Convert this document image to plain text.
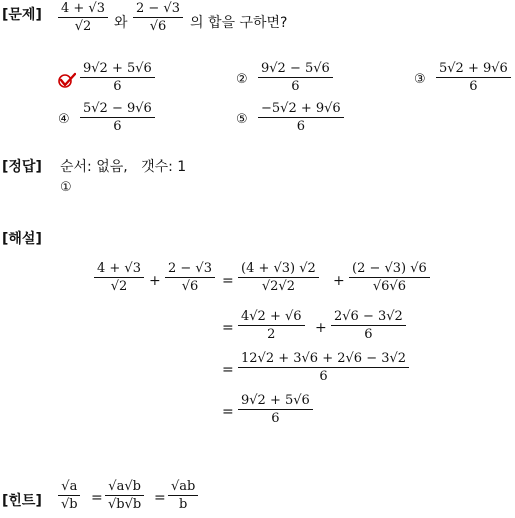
[문제] $\frac{4 + √3}{√2}$ 와 $\frac{2 - √3}{√6}$ 의 합을 구하면?
$\frac{9√2 + 5√6}{6}$	② $\frac{9√2 - 5√6}{6}$	③ $\frac{5√2 + 9√6}{6}$
④ $\frac{5√2 - 9√6}{6}$	⑤ $\frac{-5√2 + 9√6}{6}$
[정답] 순서: 없음,   갯수: 1
①
[해설]
$\frac{4 + √3}{√2} + \frac{2 - √3}{√6} = \frac{(4 + √3) √2}{√2√2} + \frac{(2 - √3) √6}{√6√6}$
= $\frac{4√2 + √6}{2} + \frac{2√6 - 3√2}{6}$
= $\frac{12√2 + 3√6 + 2√6 - 3√2}{6}$
= $\frac{9√2 + 5√6}{6}$
[힌트] $\frac{√a}{√b} = \frac{√a√b}{√b√b} = \frac{√ab}{b}$
